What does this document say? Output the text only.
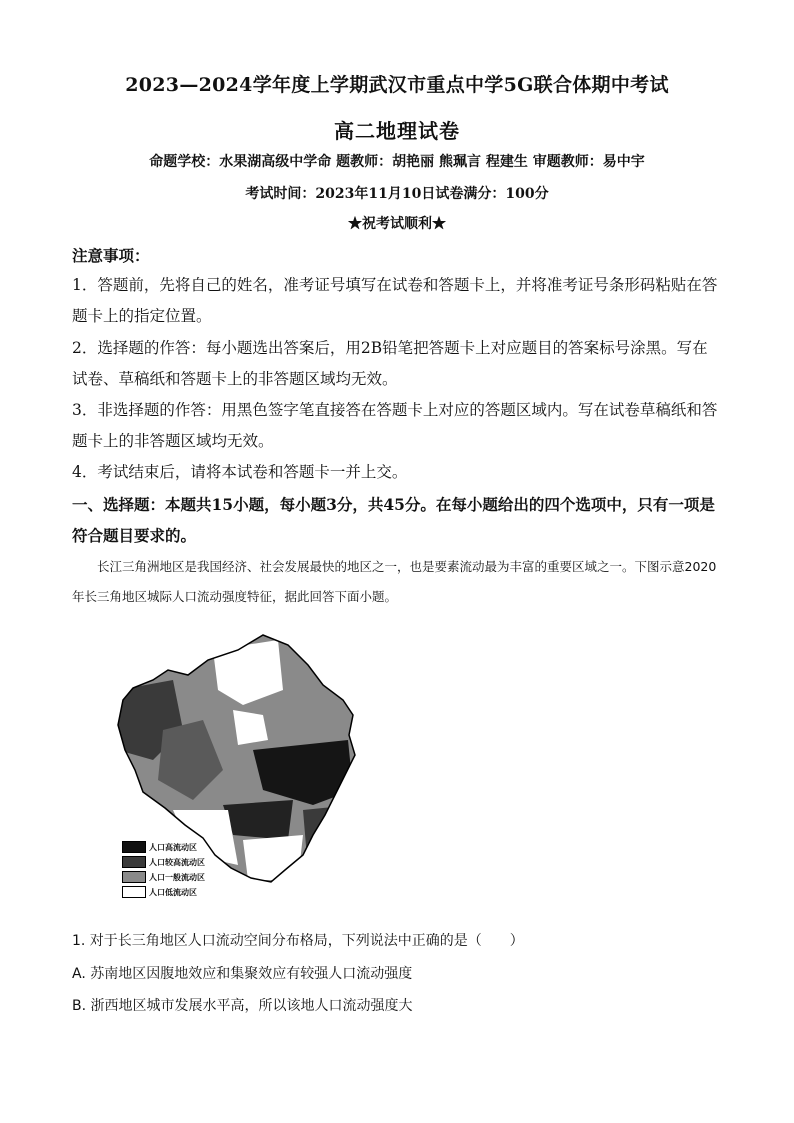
2023—2024学年度上学期武汉市重点中学5G联合体期中考试
高二地理试卷
命题学校：水果湖高级中学命 题教师：胡艳丽 熊珮言 程建生 审题教师：易中宇
考试时间：2023年11月10日试卷满分：100分
★祝考试顺利★
注意事项：
1．答题前，先将自己的姓名，准考证号填写在试卷和答题卡上，并将准考证号条形码粘贴在答题卡上的指定位置。
2．选择题的作答：每小题选出答案后，用2B铅笔把答题卡上对应题目的答案标号涂黑。写在试卷、草稿纸和答题卡上的非答题区域均无效。
3．非选择题的作答：用黑色签字笔直接答在答题卡上对应的答题区域内。写在试卷草稿纸和答题卡上的非答题区域均无效。
4．考试结束后，请将本试卷和答题卡一并上交。
一、选择题：本题共15小题，每小题3分，共45分。在每小题给出的四个选项中，只有一项是符合题目要求的。
长江三角洲地区是我国经济、社会发展最快的地区之一，也是要素流动最为丰富的重要区域之一。下图示意2020年长三角地区城际人口流动强度特征，据此回答下面小题。
人口高流动区
人口较高流动区
人口一般流动区
人口低流动区
1. 对于长三角地区人口流动空间分布格局，下列说法中正确的是（　　）
A. 苏南地区因腹地效应和集聚效应有较强人口流动强度
B. 浙西地区城市发展水平高，所以该地人口流动强度大
